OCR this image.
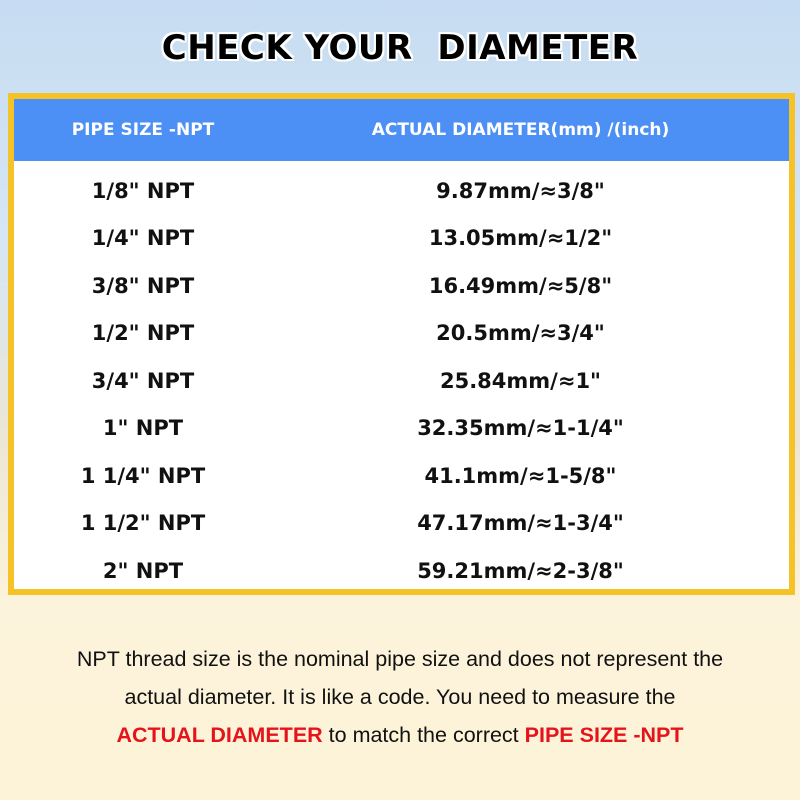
CHECK YOUR  DIAMETER
PIPE SIZE -NPT	ACTUAL DIAMETER(mm) /(inch)
1/8" NPT	9.87mm/≈3/8"
1/4" NPT	13.05mm/≈1/2"
3/8" NPT	16.49mm/≈5/8"
1/2" NPT	20.5mm/≈3/4"
3/4" NPT	25.84mm/≈1"
1" NPT	32.35mm/≈1-1/4"
1 1/4" NPT	41.1mm/≈1-5/8"
1 1/2" NPT	47.17mm/≈1-3/4"
2" NPT	59.21mm/≈2-3/8"
NPT thread size is the nominal pipe size and does not represent the
actual diameter. It is like a code. You need to measure the
ACTUAL DIAMETER to match the correct PIPE SIZE -NPT
